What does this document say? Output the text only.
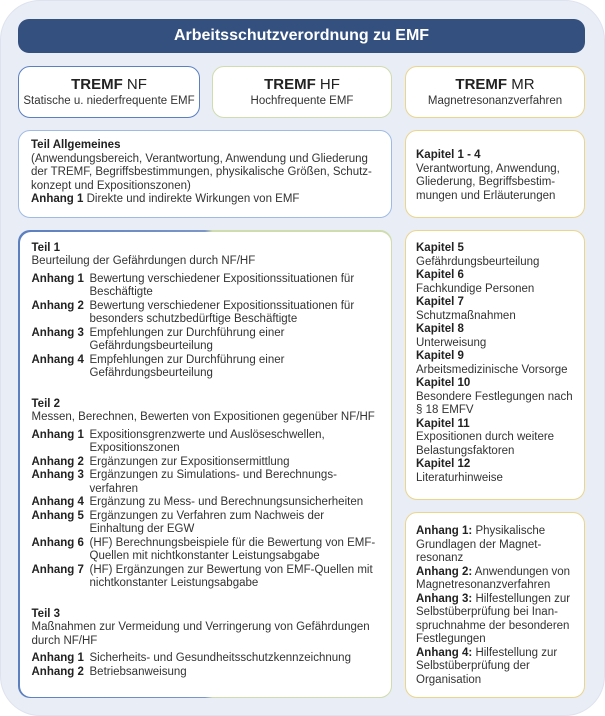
Arbeitsschutzverordnung zu EMF
TREMF NF
Statische u. niederfrequente EMF
TREMF HF
Hochfrequente EMF
TREMF MR
Magnetresonanzverfahren
Teil Allgemeines
(Anwendungsbereich, Verantwortung, Anwendung und Gliederung der TREMF, Begriffsbestimmungen, physikalische Größen, Schutz-konzept und Expositionszonen)
Anhang 1 Direkte und indirekte Wirkungen von EMF
Kapitel 1 - 4
Verantwortung, Anwendung, Gliederung, Begriffsbestim-mungen und Erläuterungen
Teil 1
Beurteilung der Gefährdungen durch NF/HF
Anhang 1 Bewertung verschiedener Expositionssituationen für Beschäftigte
Anhang 2 Bewertung verschiedener Expositionssituationen für besonders schutzbedürftige Beschäftigte
Anhang 3 Empfehlungen zur Durchführung einer Gefährdungsbeurteilung
Anhang 4 Empfehlungen zur Durchführung einer Gefährdungsbeurteilung
Teil 2
Messen, Berechnen, Bewerten von Expositionen gegenüber NF/HF
Anhang 1 Expositionsgrenzwerte und Auslöseschwellen, Expositionszonen
Anhang 2 Ergänzungen zur Expositionsermittlung
Anhang 3 Ergänzungen zu Simulations- und Berechnungs-verfahren
Anhang 4 Ergänzung zu Mess- und Berechnungsunsicherheiten
Anhang 5 Ergänzungen zu Verfahren zum Nachweis der Einhaltung der EGW
Anhang 6 (HF) Berechnungsbeispiele für die Bewertung von EMF-Quellen mit nichtkonstanter Leistungsabgabe
Anhang 7 (HF) Ergänzungen zur Bewertung von EMF-Quellen mit nichtkonstanter Leistungsabgabe
Teil 3
Maßnahmen zur Vermeidung und Verringerung von Gefährdungen durch NF/HF
Anhang 1 Sicherheits- und Gesundheitsschutzkennzeichnung
Anhang 2 Betriebsanweisung
Kapitel 5
Gefährdungsbeurteilung
Kapitel 6
Fachkundige Personen
Kapitel 7
Schutzmaßnahmen
Kapitel 8
Unterweisung
Kapitel 9
Arbeitsmedizinische Vorsorge
Kapitel 10
Besondere Festlegungen nach § 18 EMFV
Kapitel 11
Expositionen durch weitere Belastungsfaktoren
Kapitel 12
Literaturhinweise
Anhang 1: Physikalische Grundlagen der Magnet-resonanz
Anhang 2: Anwendungen von Magnetresonanzverfahren
Anhang 3: Hilfestellungen zur Selbstüberprüfung bei Inan-spruchnahme der besonderen Festlegungen
Anhang 4: Hilfestellung zur Selbstüberprüfung der Organisation
